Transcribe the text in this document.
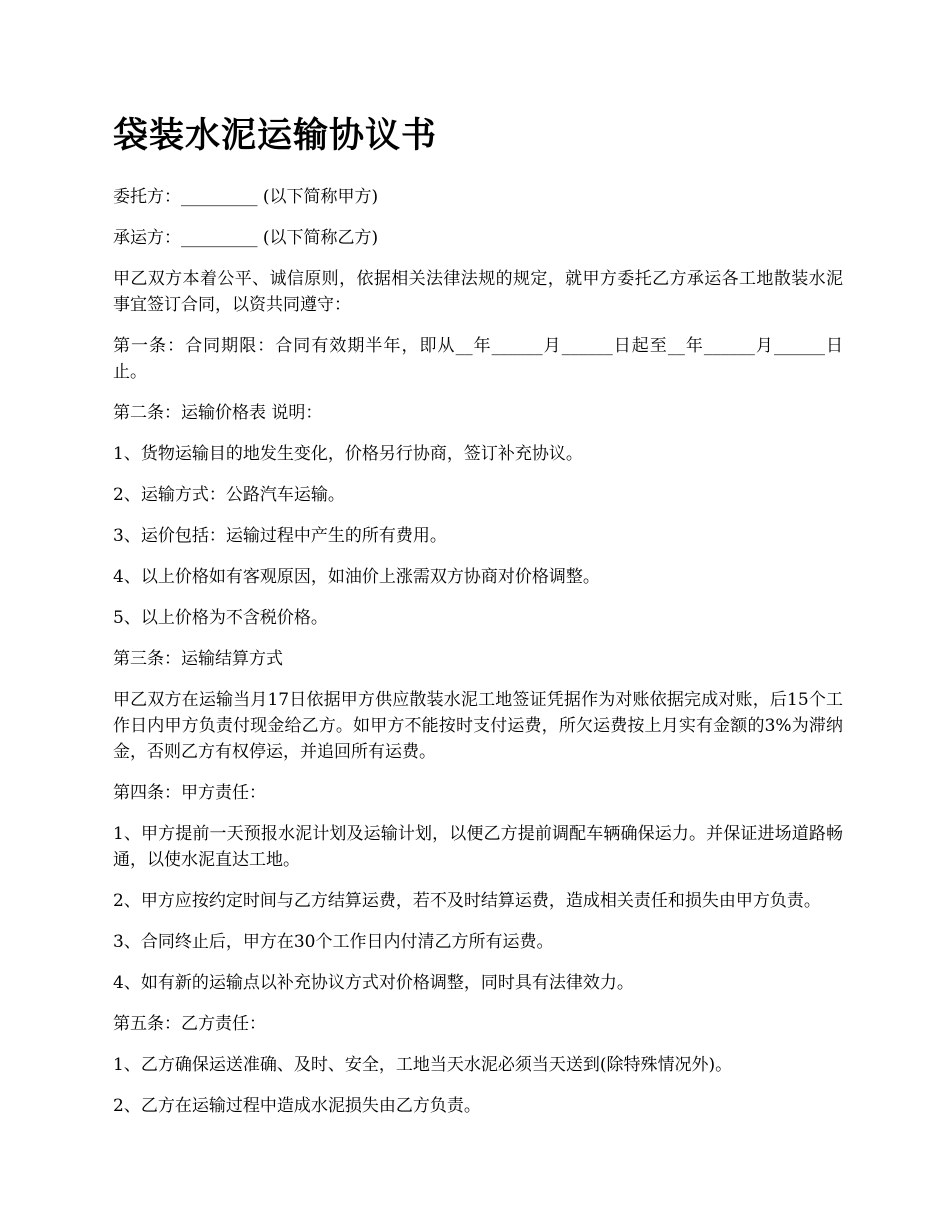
袋装水泥运输协议书

委托方：_________ (以下简称甲方)

承运方：_________ (以下简称乙方)

甲乙双方本着公平、诚信原则，依据相关法律法规的规定，就甲方委托乙方承运各工地散装水泥事宜签订合同，以资共同遵守：

第一条：合同期限：合同有效期半年，即从__年______月______日起至__年______月______日止。

第二条：运输价格表 说明：

1、货物运输目的地发生变化，价格另行协商，签订补充协议。

2、运输方式：公路汽车运输。

3、运价包括：运输过程中产生的所有费用。

4、以上价格如有客观原因，如油价上涨需双方协商对价格调整。

5、以上价格为不含税价格。

第三条：运输结算方式

甲乙双方在运输当月17日依据甲方供应散装水泥工地签证凭据作为对账依据完成对账，后15个工作日内甲方负责付现金给乙方。如甲方不能按时支付运费，所欠运费按上月实有金额的3%为滞纳金，否则乙方有权停运，并追回所有运费。

第四条：甲方责任：

1、甲方提前一天预报水泥计划及运输计划，以便乙方提前调配车辆确保运力。并保证进场道路畅通，以使水泥直达工地。

2、甲方应按约定时间与乙方结算运费，若不及时结算运费，造成相关责任和损失由甲方负责。

3、合同终止后，甲方在30个工作日内付清乙方所有运费。

4、如有新的运输点以补充协议方式对价格调整，同时具有法律效力。

第五条：乙方责任：

1、乙方确保运送准确、及时、安全，工地当天水泥必须当天送到(除特殊情况外)。

2、乙方在运输过程中造成水泥损失由乙方负责。
